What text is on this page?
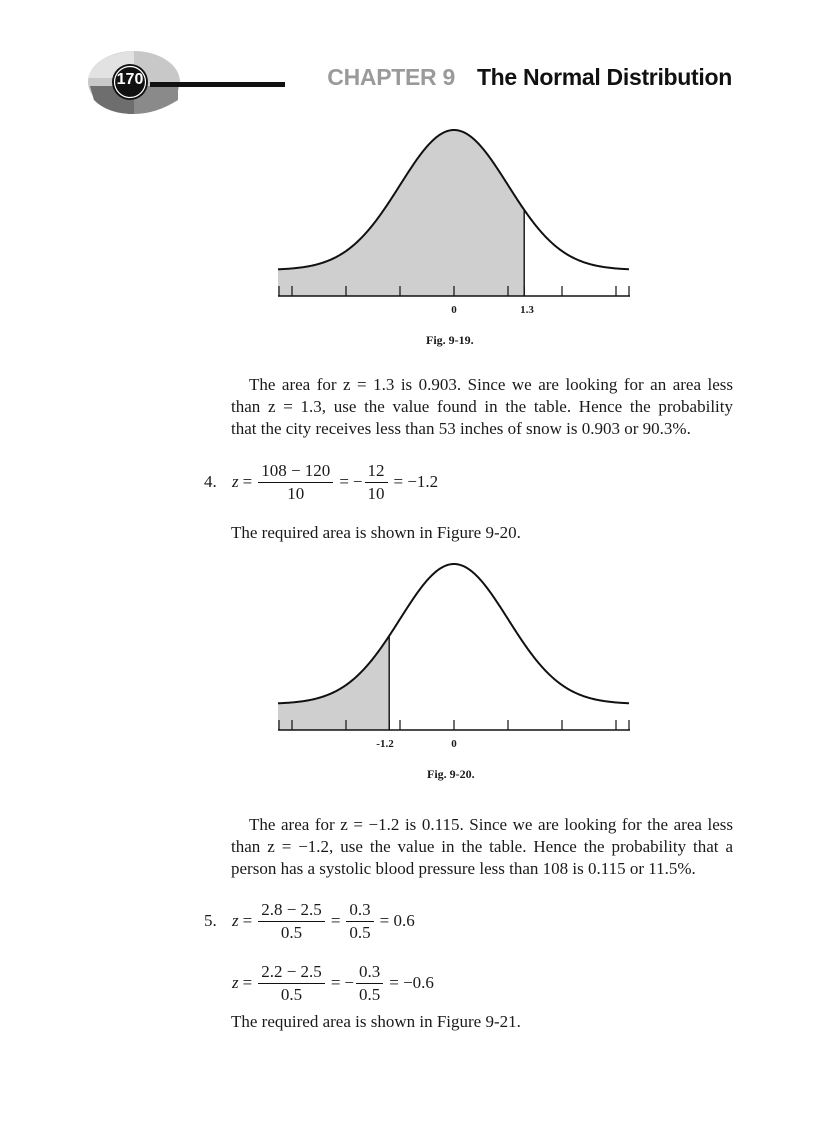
170	CHAPTER 9 The Normal Distribution
0	1.3
Fig. 9-19.
The area for z = 1.3 is 0.903. Since we are looking for an area less
than z = 1.3, use the value found in the table. Hence the probability
that the city receives less than 53 inches of snow is 0.903 or 90.3%.
4. $z = \frac{108 - 120}{10}$ = − $\frac{12}{10} = -1.2$
The required area is shown in Figure 9-20.
-1.2	0
Fig. 9-20.
The area for z = −1.2 is 0.115. Since we are looking for the area less
than z = −1.2, use the value in the table. Hence the probability that a
person has a systolic blood pressure less than 108 is 0.115 or 11.5%.
5. $z = \frac{2.8 - 2.5}{0.5} = \frac{0.3}{0.5} = 0.6$
$z = \frac{2.2 - 2.5}{0.5}$ = − $\frac{0.3}{0.5} = -0.6$
The required area is shown in Figure 9-21.
